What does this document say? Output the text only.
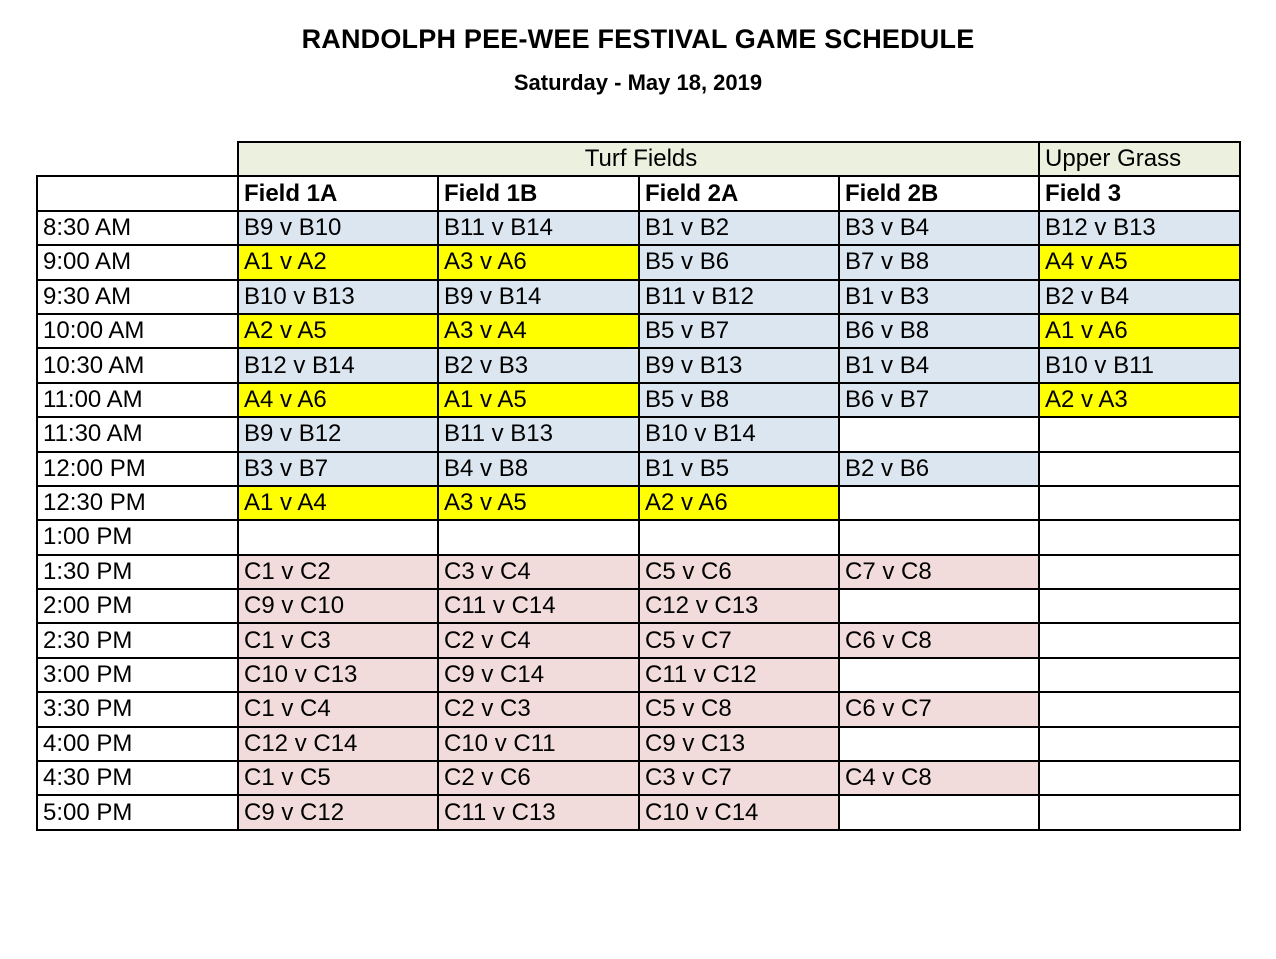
RANDOLPH PEE-WEE FESTIVAL GAME SCHEDULE
Saturday - May 18, 2019
	Turf Fields				Upper Grass
	Field 1A	Field 1B	Field 2A	Field 2B	Field 3
8:30 AM	B9 v B10	B11 v B14	B1 v B2	B3 v B4	B12 v B13
9:00 AM	A1 v A2	A3 v A6	B5 v B6	B7 v B8	A4 v A5
9:30 AM	B10 v B13	B9 v B14	B11 v B12	B1 v B3	B2 v B4
10:00 AM	A2 v A5	A3 v A4	B5 v B7	B6 v B8	A1 v A6
10:30 AM	B12 v B14	B2 v B3	B9 v B13	B1 v B4	B10 v B11
11:00 AM	A4 v A6	A1 v A5	B5 v B8	B6 v B7	A2 v A3
11:30 AM	B9 v B12	B11 v B13	B10 v B14		
12:00 PM	B3 v B7	B4 v B8	B1 v B5	B2 v B6	
12:30 PM	A1 v A4	A3 v A5	A2 v A6		
1:00 PM					
1:30 PM	C1 v C2	C3 v C4	C5 v C6	C7 v C8	
2:00 PM	C9 v C10	C11 v C14	C12 v C13		
2:30 PM	C1 v C3	C2 v C4	C5 v C7	C6 v C8	
3:00 PM	C10 v C13	C9 v C14	C11 v C12		
3:30 PM	C1 v C4	C2 v C3	C5 v C8	C6 v C7	
4:00 PM	C12 v C14	C10 v C11	C9 v C13		
4:30 PM	C1 v C5	C2 v C6	C3 v C7	C4 v C8	
5:00 PM	C9 v C12	C11 v C13	C10 v C14		
